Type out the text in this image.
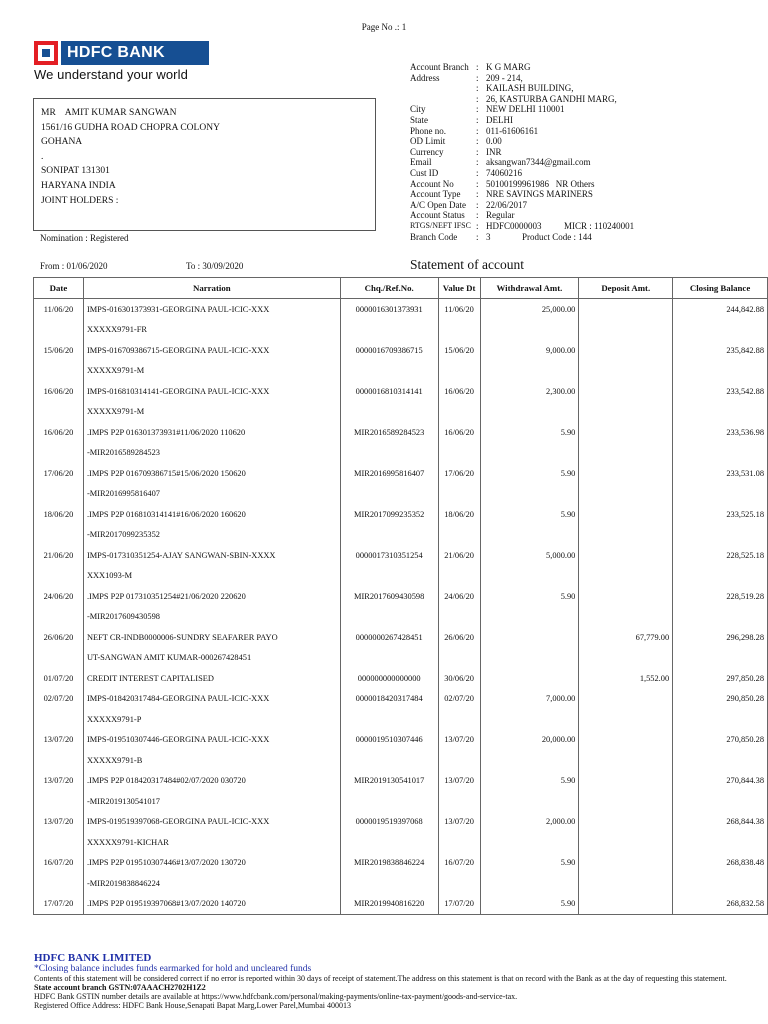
Page No .: 1
HDFC BANK
We understand your world
MR    AMIT KUMAR SANGWAN
1561/16 GUDHA ROAD CHOPRA COLONY
GOHANA
.
SONIPAT 131301
HARYANA INDIA
JOINT HOLDERS :
Nomination : Registered
Account Branch : K G MARG
Address	: 209 - 214,
: KAILASH BUILDING,
: 26, KASTURBA GANDHI MARG,
City	: NEW DELHI 110001
State	: DELHI
Phone no.	: 011-61606161
OD Limit	: 0.00
Currency	: INR
Email	: aksangwan7344@gmail.com
Cust ID	: 74060216
Account No	: 50100199961986   NR Others
Account Type	: NRE SAVINGS MARINERS
A/C Open Date	: 22/06/2017
Account Status	: Regular
RTGS/NEFT IFSC : HDFC0000003          MICR : 110240001
Branch Code	: 3              Product Code : 144
From : 01/06/2020	To : 30/09/2020	Statement of account
Date	Narration	Chq./Ref.No.	Value Dt	Withdrawal Amt.	Deposit Amt.	Closing Balance
11/06/20	IMPS-016301373931-GEORGINA PAUL-ICIC-XXX	0000016301373931	11/06/20	25,000.00		244,842.88
	XXXXX9791-FR					
15/06/20	IMPS-016709386715-GEORGINA PAUL-ICIC-XXX	0000016709386715	15/06/20	9,000.00		235,842.88
	XXXXX9791-M					
16/06/20	IMPS-016810314141-GEORGINA PAUL-ICIC-XXX	0000016810314141	16/06/20	2,300.00		233,542.88
	XXXXX9791-M					
16/06/20	.IMPS P2P 016301373931#11/06/2020 110620	MIR2016589284523	16/06/20	5.90		233,536.98
	-MIR2016589284523					
17/06/20	.IMPS P2P 016709386715#15/06/2020 150620	MIR2016995816407	17/06/20	5.90		233,531.08
	-MIR2016995816407					
18/06/20	.IMPS P2P 016810314141#16/06/2020 160620	MIR2017099235352	18/06/20	5.90		233,525.18
	-MIR2017099235352					
21/06/20	IMPS-017310351254-AJAY SANGWAN-SBIN-XXXX	0000017310351254	21/06/20	5,000.00		228,525.18
	XXX1093-M					
24/06/20	.IMPS P2P 017310351254#21/06/2020 220620	MIR2017609430598	24/06/20	5.90		228,519.28
	-MIR2017609430598					
26/06/20	NEFT CR-INDB0000006-SUNDRY SEAFARER PAYO	0000000267428451	26/06/20		67,779.00	296,298.28
	UT-SANGWAN AMIT KUMAR-000267428451					
01/07/20	CREDIT INTEREST CAPITALISED	000000000000000	30/06/20		1,552.00	297,850.28
02/07/20	IMPS-018420317484-GEORGINA PAUL-ICIC-XXX	0000018420317484	02/07/20	7,000.00		290,850.28
	XXXXX9791-P					
13/07/20	IMPS-019510307446-GEORGINA PAUL-ICIC-XXX	0000019510307446	13/07/20	20,000.00		270,850.28
	XXXXX9791-B					
13/07/20	.IMPS P2P 018420317484#02/07/2020 030720	MIR2019130541017	13/07/20	5.90		270,844.38
	-MIR2019130541017					
13/07/20	IMPS-019519397068-GEORGINA PAUL-ICIC-XXX	0000019519397068	13/07/20	2,000.00		268,844.38
	XXXXX9791-KICHAR					
16/07/20	.IMPS P2P 019510307446#13/07/2020 130720	MIR2019838846224	16/07/20	5.90		268,838.48
	-MIR2019838846224					
17/07/20	.IMPS P2P 019519397068#13/07/2020 140720	MIR2019940816220	17/07/20	5.90		268,832.58
HDFC BANK LIMITED
*Closing balance includes funds earmarked for hold and uncleared funds
Contents of this statement will be considered correct if no error is reported within 30 days of receipt of statement.The address on this statement is that on record with the Bank as at the day of requesting this statement.
State account branch GSTN:07AAACH2702H1Z2
HDFC Bank GSTIN number details are available at https://www.hdfcbank.com/personal/making-payments/online-tax-payment/goods-and-service-tax.
Registered Office Address: HDFC Bank House,Senapati Bapat Marg,Lower Parel,Mumbai 400013
